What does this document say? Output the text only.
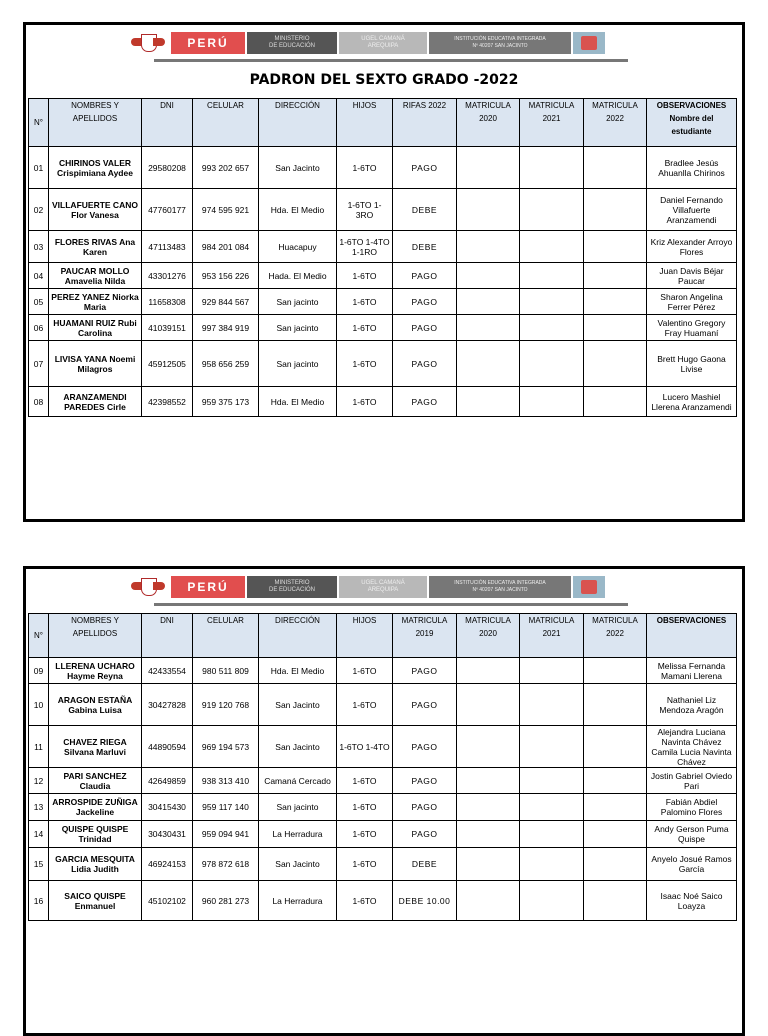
PERÚ	MINISTERIO
DE EDUCACIÓN
UGEL CAMANÁ
AREQUIPA
INSTITUCIÓN EDUCATIVA INTEGRADA
Nº 40207 SAN JACINTO
PADRON DEL SEXTO GRADO -2022
N°	NOMBRES Y APELLIDOS	DNI	CELULAR	DIRECCIÓN	HIJOS	RIFAS 2022	MATRICULA 2020	MATRICULA 2021	MATRICULA 2022	OBSERVACIONES Nombre del estudiante
01	CHIRINOS VALER Crispimiana Aydee	29580208	993 202 657	San Jacinto	1-6TO	PAGO				Bradlee Jesús Ahuanlla Chirinos
02	VILLAFUERTE CANO Flor Vanesa	47760177	974 595 921	Hda. El Medio	1-6TO 1-3RO	DEBE				Daniel Fernando Villafuerte Aranzamendi
03	FLORES RIVAS Ana Karen	47113483	984 201 084	Huacapuy	1-6TO 1-4TO 1-1RO	DEBE				Kriz Alexander Arroyo Flores
04	PAUCAR MOLLO Amavelia Nilda	43301276	953 156 226	Hada. El Medio	1-6TO	PAGO				Juan Davis Béjar Paucar
05	PEREZ YANEZ Niorka Maria	11658308	929 844 567	San jacinto	1-6TO	PAGO				Sharon Angelina Ferrer Pérez
06	HUAMANI RUIZ Rubi Carolina	41039151	997 384 919	San jacinto	1-6TO	PAGO				Valentino Gregory Fray Huamaní
07	LIVISA YANA Noemi Milagros	45912505	958 656 259	San jacinto	1-6TO	PAGO				Brett Hugo Gaona Livise
08	ARANZAMENDI PAREDES Cirle	42398552	959 375 173	Hda. El Medio	1-6TO	PAGO				Lucero Mashiel Llerena Aranzamendi
PERÚ	MINISTERIO
DE EDUCACIÓN
UGEL CAMANÁ
AREQUIPA
INSTITUCIÓN EDUCATIVA INTEGRADA
Nº 40207 SAN JACINTO
N°	NOMBRES Y APELLIDOS	DNI	CELULAR	DIRECCIÓN	HIJOS	MATRICULA 2019	MATRICULA 2020	MATRICULA 2021	MATRICULA 2022	OBSERVACIONES
09	LLERENA UCHARO Hayme Reyna	42433554	980 511 809	Hda. El Medio	1-6TO	PAGO				Melissa Fernanda Mamani Llerena
10	ARAGON ESTAÑA Gabina Luisa	30427828	919 120 768	San Jacinto	1-6TO	PAGO				Nathaniel Liz Mendoza Aragón
11	CHAVEZ RIEGA Silvana Marluvi	44890594	969 194 573	San Jacinto	1-6TO 1-4TO	PAGO				Alejandra Luciana Navinta Chávez Camila Lucia Navinta Chávez
12	PARI SANCHEZ Claudia	42649859	938 313 410	Camaná Cercado	1-6TO	PAGO				Jostin Gabriel Oviedo Pari
13	ARROSPIDE ZUÑIGA Jackeline	30415430	959 117 140	San jacinto	1-6TO	PAGO				Fabián Abdiel Palomino Flores
14	QUISPE QUISPE Trinidad	30430431	959 094 941	La Herradura	1-6TO	PAGO				Andy Gerson Puma Quispe
15	GARCIA MESQUITA Lidia Judith	46924153	978 872 618	San Jacinto	1-6TO	DEBE				Anyelo Josué Ramos García
16	SAICO QUISPE Enmanuel	45102102	960 281 273	La Herradura	1-6TO	DEBE 10.00				Isaac Noé Saico Loayza
